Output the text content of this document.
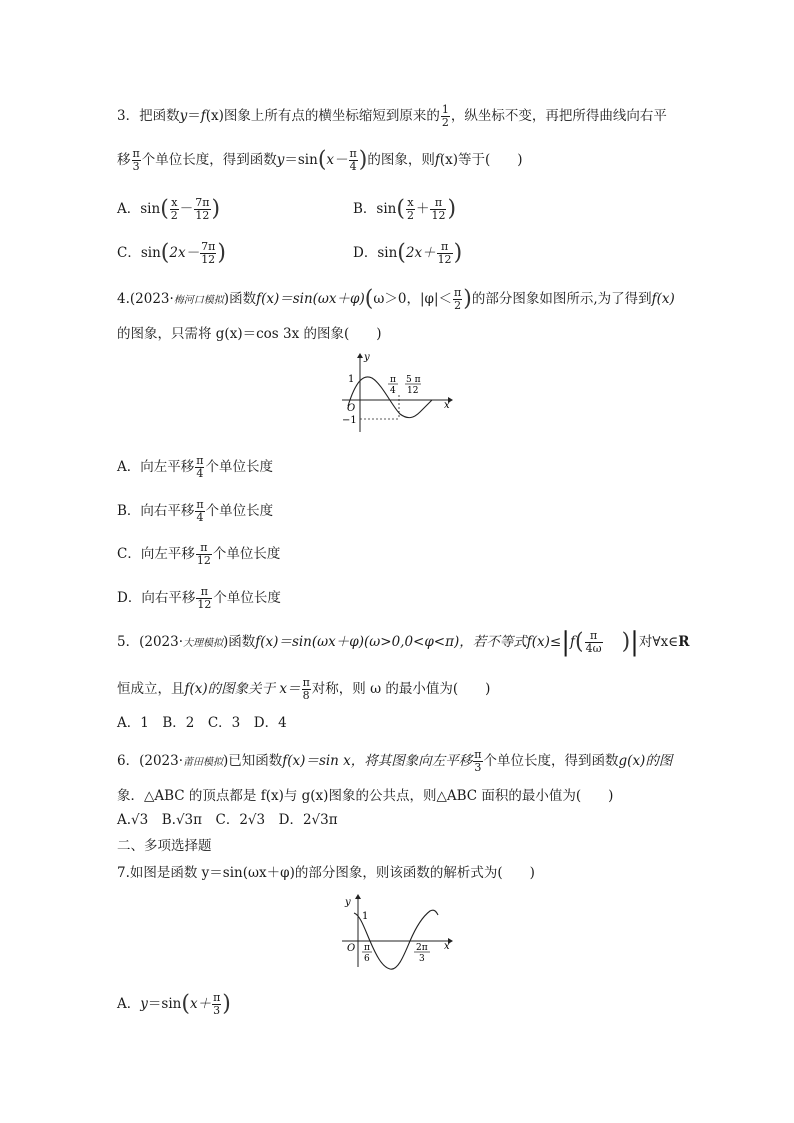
3．把函数y＝f(x)图象上所有点的横坐标缩短到原来的 $\frac{1}{2}$ ，纵坐标不变，再把所得曲线向右平
移 $\frac{\pi}{3}$ 个单位长度，得到函数$y=\sin(x- \frac{\pi}{4}$ )的图象，则f(x)等于(　　)
A．$\sin( \frac{x}{2} - \frac{7\pi}{12}$ )	B．$\sin( \frac{x}{2} + \frac{\pi}{12}$ )
C．$\sin(2x- \frac{7\pi}{12}$ )	D．$\sin(2x+ \frac{\pi}{12}$ )
4.(2023·梅河口模拟)函数f(x)＝sin(ωx＋φ)(ω＞0，$|\varphi|< \frac{\pi}{2}$ )的部分图象如图所示,为了得到f(x)
的图象，只需将 g(x)＝cos 3x 的图象(　　)
y
x
O
1
−1
π
4
5 π
12
A．向左平移 $\frac{\pi}{4}$ 个单位长度
B．向右平移 $\frac{\pi}{4}$ 个单位长度
C．向左平移 $\frac{\pi}{12}$ 个单位长度
D．向右平移 $\frac{\pi}{12}$ 个单位长度
5．(2023·大理模拟)函数f(x)＝sin(ωx＋φ)(ω>0,0<φ<π)，若不等式$f(x)\le|f( \frac{\pi}{4\omega}$ )|对∀x∈R
恒成立，且f(x)的图象关于 $x= \frac{\pi}{8}$ 对称，则 ω 的最小值为(　　)
A．1　B．2　C．3　D．4
6．(2023·莆田模拟)已知函数f(x)＝sin x，将其图象向左平移 $\frac{\pi}{3}$ 个单位长度，得到函数g(x)的图
象．△ABC 的顶点都是 f(x)与 g(x)图象的公共点，则△ABC 面积的最小值为(　　)
A.√3　B.√3π　C．2√3　D．2√3π
二、多项选择题
7.如图是函数 y＝sin(ωx＋φ)的部分图象，则该函数的解析式为(　　)
y
x
O
1
π
6
2π
3
A．$y=\sin(x+ \frac{\pi}{3}$ )
